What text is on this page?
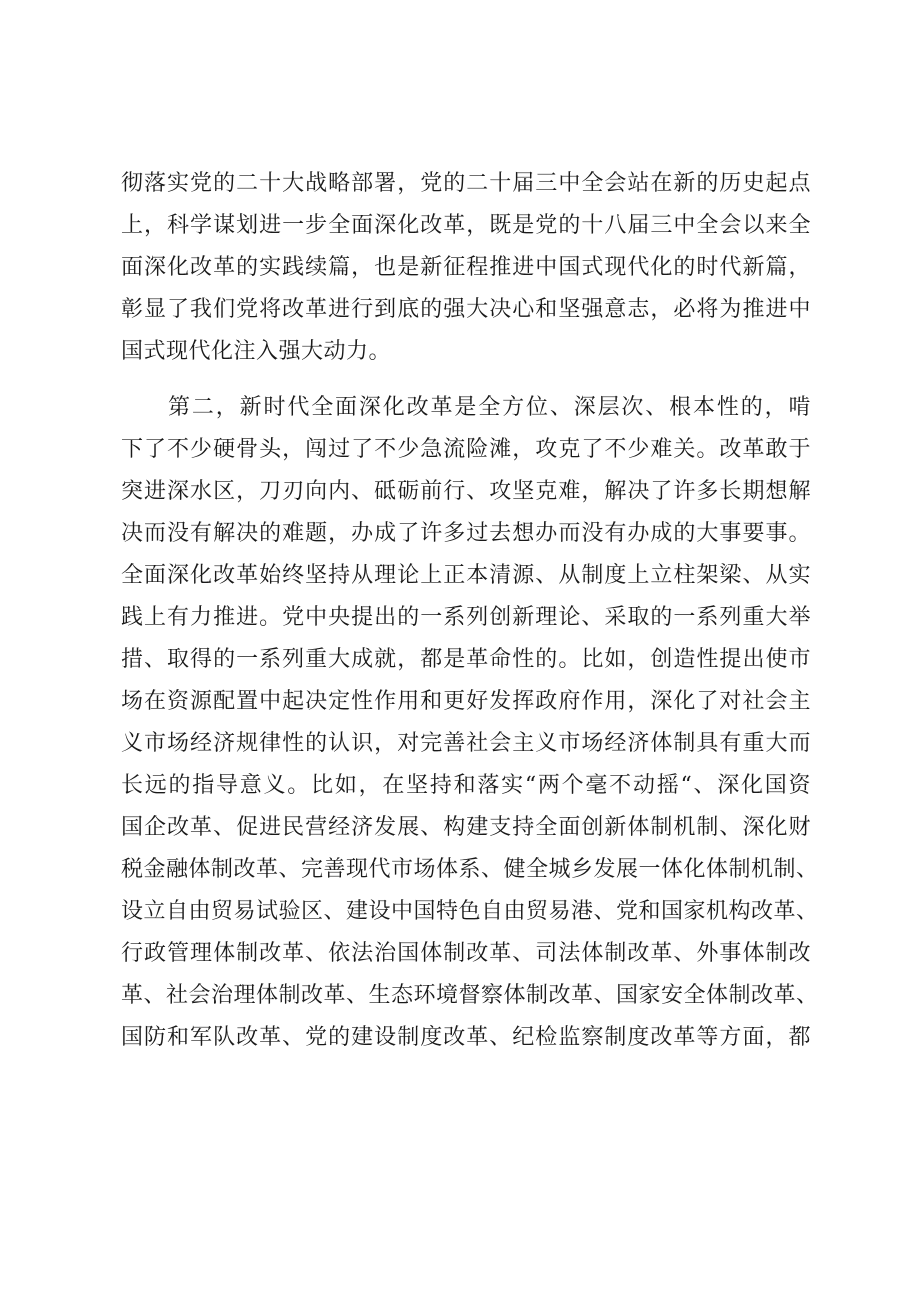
彻落实党的二十大战略部署，党的二十届三中全会站在新的历史起点
上，科学谋划进一步全面深化改革，既是党的十八届三中全会以来全
面深化改革的实践续篇，也是新征程推进中国式现代化的时代新篇，
彰显了我们党将改革进行到底的强大决心和坚强意志，必将为推进中
国式现代化注入强大动力。
第二，新时代全面深化改革是全方位、深层次、根本性的，啃
下了不少硬骨头，闯过了不少急流险滩，攻克了不少难关。改革敢于
突进深水区，刀刃向内、砥砺前行、攻坚克难，解决了许多长期想解
决而没有解决的难题，办成了许多过去想办而没有办成的大事要事。
全面深化改革始终坚持从理论上正本清源、从制度上立柱架梁、从实
践上有力推进。党中央提出的一系列创新理论、采取的一系列重大举
措、取得的一系列重大成就，都是革命性的。比如，创造性提出使市
场在资源配置中起决定性作用和更好发挥政府作用，深化了对社会主
义市场经济规律性的认识，对完善社会主义市场经济体制具有重大而
长远的指导意义。比如，在坚持和落实“两个毫不动摇“、深化国资
国企改革、促进民营经济发展、构建支持全面创新体制机制、深化财
税金融体制改革、完善现代市场体系、健全城乡发展一体化体制机制、
设立自由贸易试验区、建设中国特色自由贸易港、党和国家机构改革、
行政管理体制改革、依法治国体制改革、司法体制改革、外事体制改
革、社会治理体制改革、生态环境督察体制改革、国家安全体制改革、
国防和军队改革、党的建设制度改革、纪检监察制度改革等方面，都
